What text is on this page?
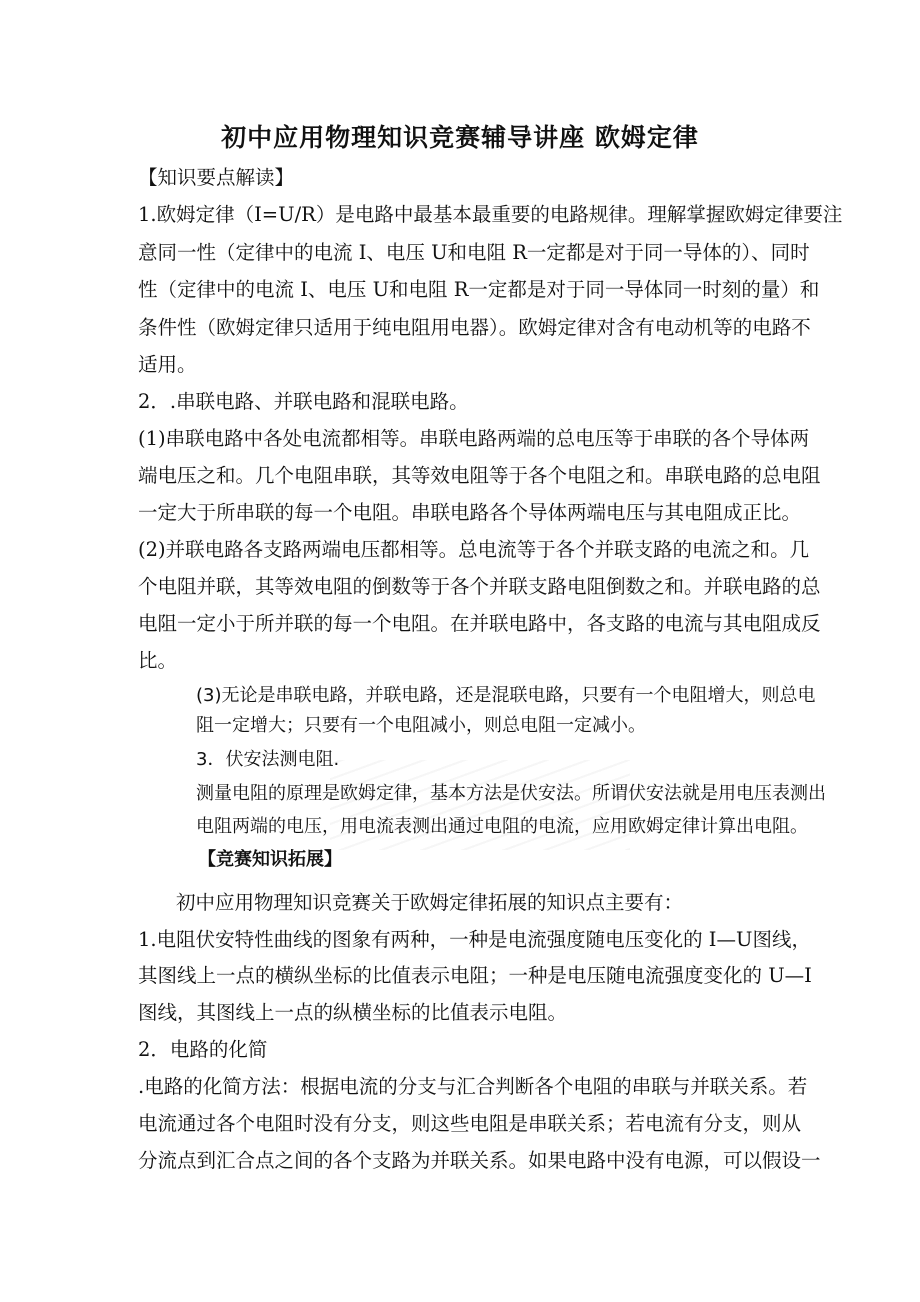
初中应用物理知识竞赛辅导讲座 欧姆定律
【知识要点解读】
1.欧姆定律（I=U/R）是电路中最基本最重要的电路规律。理解掌握欧姆定律要注
意同一性（定律中的电流 I、电压 U和电阻 R一定都是对于同一导体的）、同时
性（定律中的电流 I、电压 U和电阻 R一定都是对于同一导体同一时刻的量）和
条件性（欧姆定律只适用于纯电阻用电器）。欧姆定律对含有电动机等的电路不
适用。
2．.串联电路、并联电路和混联电路。
(1)串联电路中各处电流都相等。串联电路两端的总电压等于串联的各个导体两
端电压之和。几个电阻串联，其等效电阻等于各个电阻之和。串联电路的总电阻
一定大于所串联的每一个电阻。串联电路各个导体两端电压与其电阻成正比。
(2)并联电路各支路两端电压都相等。总电流等于各个并联支路的电流之和。几
个电阻并联，其等效电阻的倒数等于各个并联支路电阻倒数之和。并联电路的总
电阻一定小于所并联的每一个电阻。在并联电路中，各支路的电流与其电阻成反
比。
(3)无论是串联电路，并联电路，还是混联电路，只要有一个电阻增大，则总电
阻一定增大；只要有一个电阻减小，则总电阻一定减小。
3．伏安法测电阻.
测量电阻的原理是欧姆定律，基本方法是伏安法。所谓伏安法就是用电压表测出
电阻两端的电压，用电流表测出通过电阻的电流，应用欧姆定律计算出电阻。
【竞赛知识拓展】
初中应用物理知识竞赛关于欧姆定律拓展的知识点主要有：
1.电阻伏安特性曲线的图象有两种，一种是电流强度随电压变化的 I—U图线，
其图线上一点的横纵坐标的比值表示电阻；一种是电压随电流强度变化的 U—I
图线，其图线上一点的纵横坐标的比值表示电阻。
2．电路的化简
.电路的化简方法：根据电流的分支与汇合判断各个电阻的串联与并联关系。若
电流通过各个电阻时没有分支，则这些电阻是串联关系；若电流有分支，则从
分流点到汇合点之间的各个支路为并联关系。如果电路中没有电源，可以假设一
